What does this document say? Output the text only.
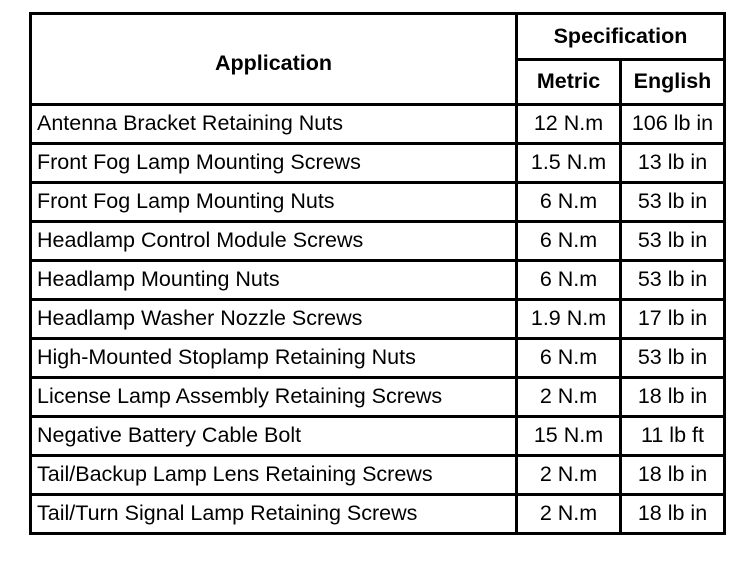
Application	Specification	
	Metric	English
Antenna Bracket Retaining Nuts	12 N.m	106 lb in
Front Fog Lamp Mounting Screws	1.5 N.m	13 lb in
Front Fog Lamp Mounting Nuts	6 N.m	53 lb in
Headlamp Control Module Screws	6 N.m	53 lb in
Headlamp Mounting Nuts	6 N.m	53 lb in
Headlamp Washer Nozzle Screws	1.9 N.m	17 lb in
High-Mounted Stoplamp Retaining Nuts	6 N.m	53 lb in
License Lamp Assembly Retaining Screws	2 N.m	18 lb in
Negative Battery Cable Bolt	15 N.m	11 lb ft
Tail/Backup Lamp Lens Retaining Screws	2 N.m	18 lb in
Tail/Turn Signal Lamp Retaining Screws	2 N.m	18 lb in
